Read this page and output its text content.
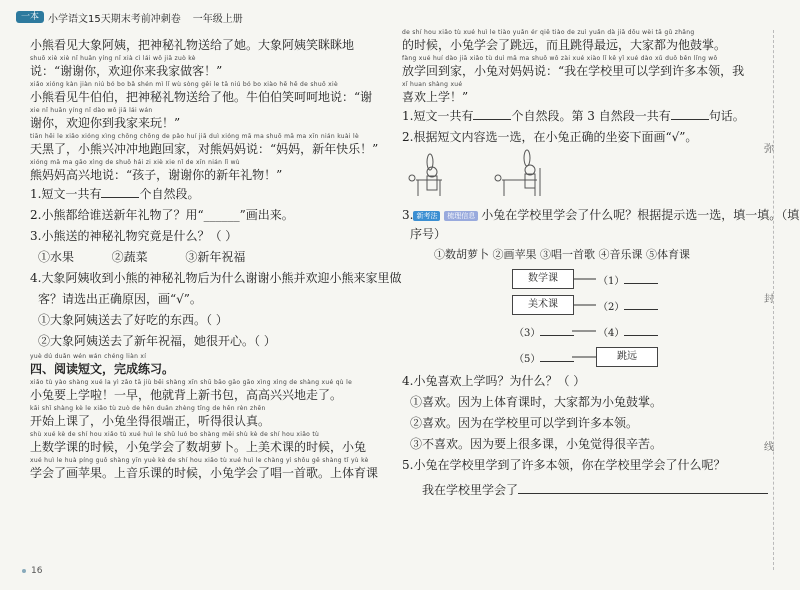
一本 小学语文15天期末考前冲刺卷 一年级上册
小熊看见大象阿姨，把神秘礼物送给了她。大象阿姨笑眯眯地
shuō xiè xiè nǐ huān yíng nǐ xià cì lái wǒ jiā zuò kè
说：“谢谢你，欢迎你来我家做客！”
xiǎo xióng kàn jiàn niú bó bo bǎ shén mì lǐ wù sòng gěi le tā niú bó bo xiào hē hē de shuō xiè
小熊看见牛伯伯，把神秘礼物送给了他。牛伯伯笑呵呵地说：“谢
xie nǐ huān yíng nǐ dào wǒ jiā lái wán
谢你，欢迎你到我家来玩！”
tiān hēi le xiǎo xióng xìng chōng chōng de pǎo huí jiā duì xióng mā ma shuō mā ma xīn nián kuài lè
天黑了，小熊兴冲冲地跑回家，对熊妈妈说：“妈妈，新年快乐！”
xióng mā ma gāo xìng de shuō hái zi xiè xie nǐ de xīn nián lǐ wù
熊妈妈高兴地说：“孩子，谢谢你的新年礼物！”
1.短文一共有	个自然段。
2.小熊都给谁送新年礼物了？用“______”画出来。
3.小熊送的神秘礼物究竟是什么？（ ）
①水果	②蔬菜	③新年祝福
4.大象阿姨收到小熊的神秘礼物后为什么谢谢小熊并欢迎小熊来家里做
客？请选出正确原因，画“√”。
①大象阿姨送去了好吃的东西。（ ）
②大象阿姨送去了新年祝福，她很开心。（ ）
yuè dú duǎn wén wán chéng liàn xí
四、阅读短文，完成练习。
xiǎo tù yào shàng xué la yì zǎo tā jiù bēi shàng xīn shū bāo gāo gāo xìng xìng de shàng xué qù le
小兔要上学啦！一早，他就背上新书包，高高兴兴地走了。
kāi shǐ shàng kè le xiǎo tù zuò de hěn duān zhèng tīng de hěn rèn zhēn
开始上课了，小兔坐得很端正，听得很认真。
shù xué kè de shí hou xiǎo tù xué huì le shǔ luó bo shàng měi shù kè de shí hou xiǎo tù
上数学课的时候，小兔学会了数胡萝卜。上美术课的时候，小兔
xué huì le huà píng guǒ shàng yīn yuè kè de shí hou xiǎo tù xué huì le chàng yì shǒu gē shàng tǐ yù kè
学会了画苹果。上音乐课的时候，小兔学会了唱一首歌。上体育课
de shí hou xiǎo tù xué huì le tiào yuǎn ér qiě tiào de zuì yuǎn dà jiā dōu wèi tā gǔ zhǎng
的时候，小兔学会了跳远，而且跳得最远，大家都为他鼓掌。
fàng xué huí dào jiā xiǎo tù duì mā ma shuō wǒ zài xué xiào lǐ kě yǐ xué dào xǔ duō běn lǐng wǒ
放学回到家，小兔对妈妈说：“我在学校里可以学到许多本领，我
xǐ huan shàng xué
喜欢上学！”
1.短文一共有	个自然段。第 3 自然段一共有	句话。
2.根据短文内容选一选，在小兔正确的坐姿下面画“√”。
3. 新考法 梳理信息 小兔在学校里学会了什么呢？根据提示选一选，填一填。（填
序号）
①数胡萝卜 ②画苹果 ③唱一首歌 ④音乐课 ⑤体育课
数学课
美术课
（3）
（5）
（1）
（2）
（4）
跳远
4.小兔喜欢上学吗？为什么？（ ）
①喜欢。因为上体育课时，大家都为小兔鼓掌。
②喜欢。因为在学校里可以学到许多本领。
③不喜欢。因为要上很多课，小兔觉得很辛苦。
5.小兔在学校里学到了许多本领，你在学校里学会了什么呢？
我在学校里学会了
16
弥
封
线
